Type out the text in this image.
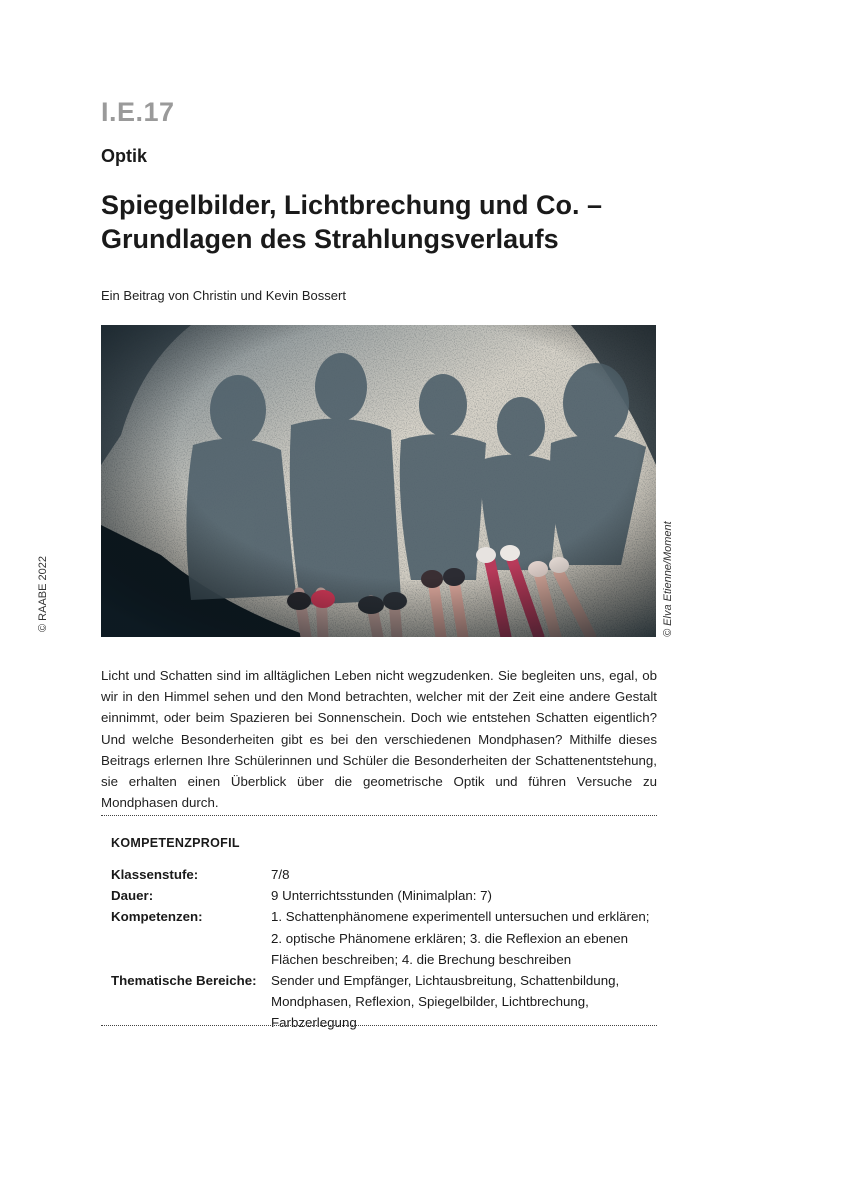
I.E.17
Optik
Spiegelbilder, Lichtbrechung und Co. –
Grundlagen des Strahlungsverlaufs
Ein Beitrag von Christin und Kevin Bossert
© Elva Etienne/Moment
© RAABE 2022

Licht und Schatten sind im alltäglichen Leben nicht wegzudenken. Sie begleiten uns, egal, ob wir in den Himmel sehen und den Mond betrachten, welcher mit der Zeit eine andere Gestalt einnimmt, oder beim Spazieren bei Sonnenschein. Doch wie entstehen Schatten eigentlich? Und welche Besonderheiten gibt es bei den verschiedenen Mondphasen? Mithilfe dieses Beitrags erlernen Ihre Schülerinnen und Schüler die Besonderheiten der Schattenentstehung, sie erhalten einen Überblick über die geometrische Optik und führen Versuche zu Mondphasen durch.

KOMPETENZPROFIL
Klassenstufe:	7/8
Dauer:	9 Unterrichtsstunden (Minimalplan: 7)
Kompetenzen:	1. Schattenphänomene experimentell untersuchen und erklären; 2. optische Phänomene erklären; 3. die Reflexion an ebenen Flächen beschreiben; 4. die Brechung beschreiben
Thematische Bereiche:	Sender und Empfänger, Lichtausbreitung, Schattenbildung, Mondphasen, Reflexion, Spiegelbilder, Lichtbrechung, Farbzerlegung
